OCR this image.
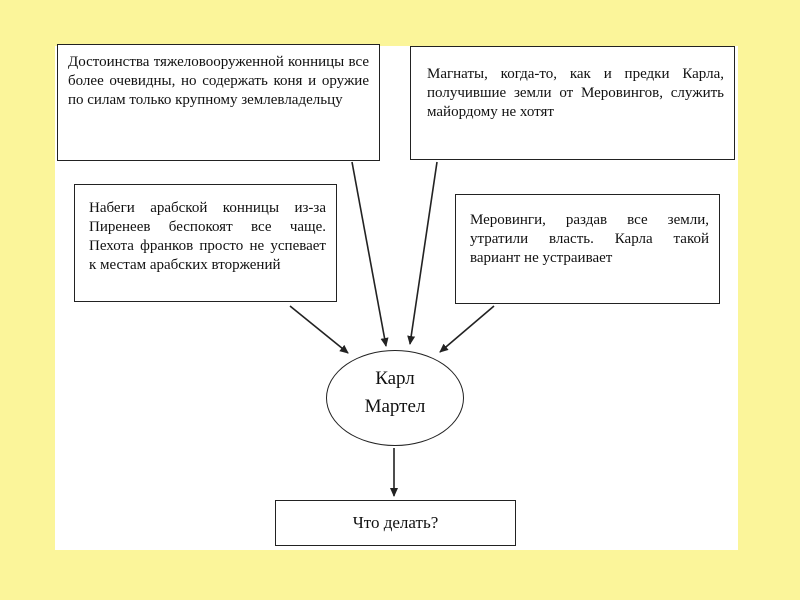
Достоинства тяжеловооруженной конницы все более очевидны, но содержать коня и оружие по силам только крупному землевладельцу
Магнаты, когда-то, как и предки Карла, получившие земли от Меровингов, служить майордому не хотят
Набеги арабской конницы из-за Пиренеев беспокоят все чаще. Пехота франков просто не успевает к местам арабских вторжений
Меровинги, раздав все земли, утратили власть. Карла такой вариант не устраивает
Карл
Мартел
Что делать?
